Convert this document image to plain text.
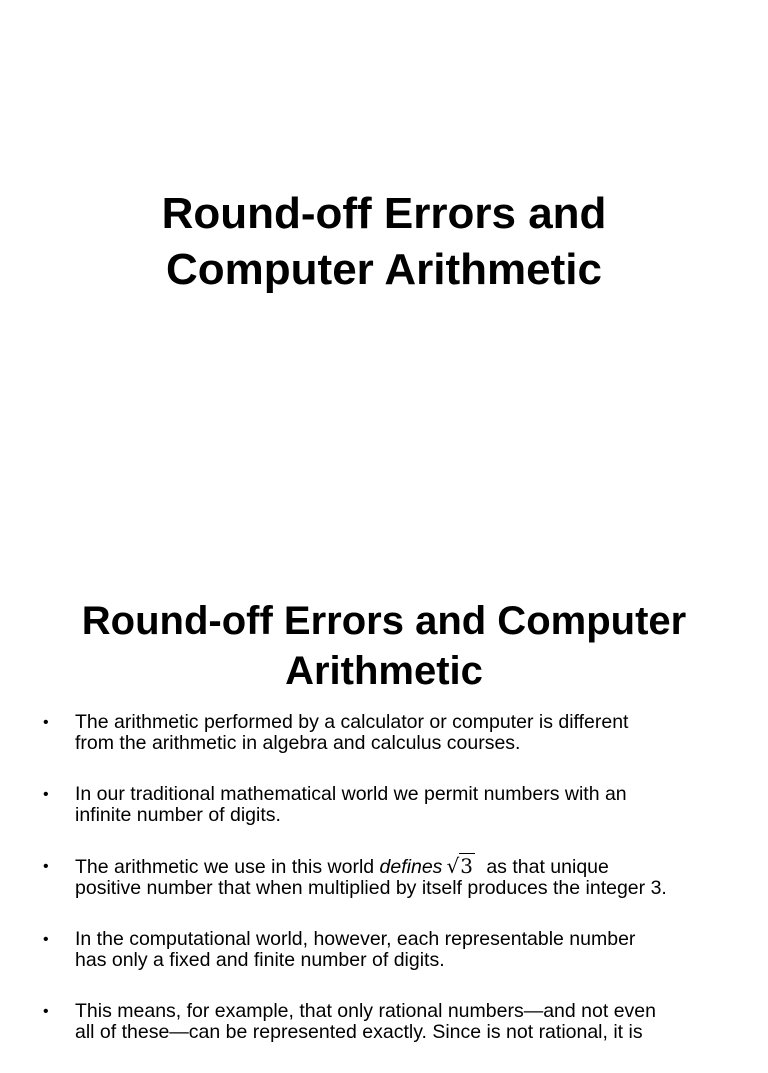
Round-off Errors and
Computer Arithmetic
Round-off Errors and Computer
Arithmetic
• The arithmetic performed by a calculator or computer is different
from the arithmetic in algebra and calculus courses.
• In our traditional mathematical world we permit numbers with an
infinite number of digits.
• The arithmetic we use in this world defines √3 as that unique
positive number that when multiplied by itself produces the integer 3.
• In the computational world, however, each representable number
has only a fixed and finite number of digits.
• This means, for example, that only rational numbers—and not even
all of these—can be represented exactly. Since is not rational, it is
